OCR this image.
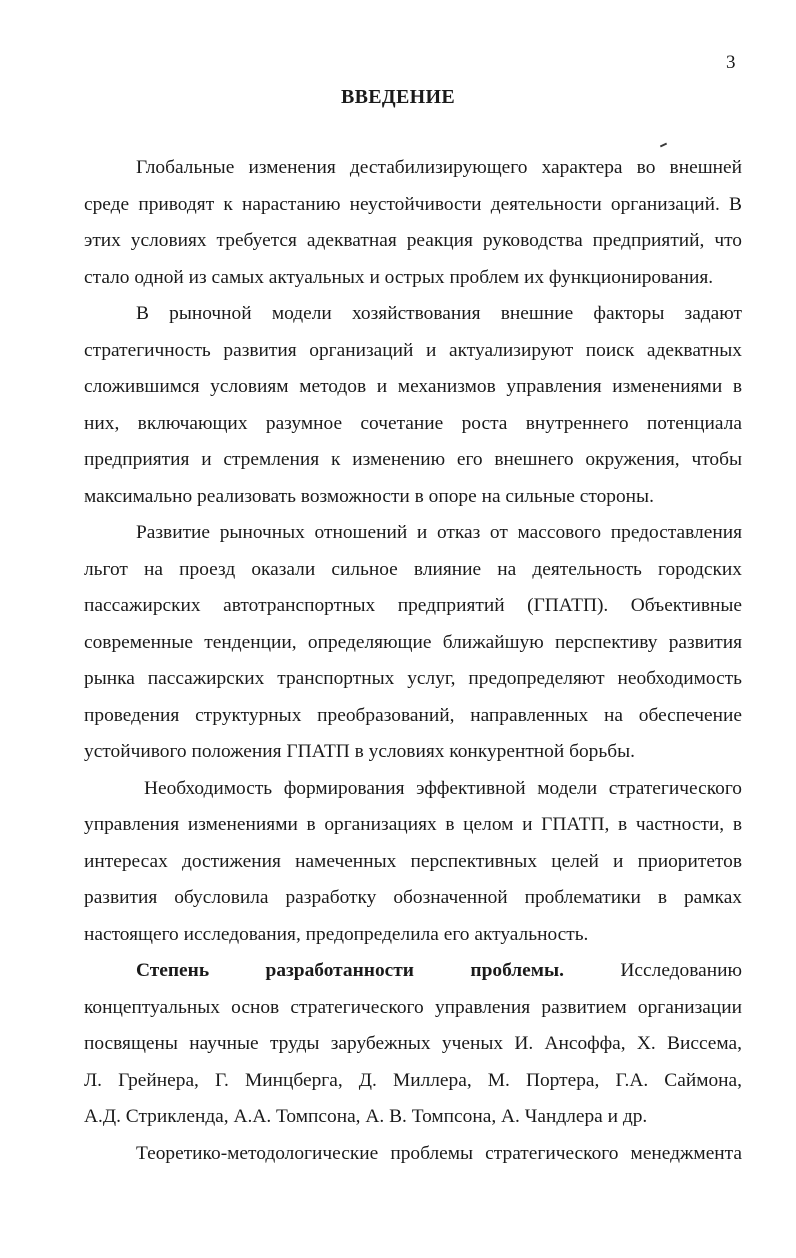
3
ВВЕДЕНИЕ
Глобальные изменения дестабилизирующего характера во внешней
среде приводят к нарастанию неустойчивости деятельности организаций. В
этих условиях требуется адекватная реакция руководства предприятий, что
стало одной из самых актуальных и острых проблем их функционирования.
В рыночной модели хозяйствования внешние факторы задают
стратегичность развития организаций и актуализируют поиск адекватных
сложившимся условиям методов и механизмов управления изменениями в
них, включающих разумное сочетание роста внутреннего потенциала
предприятия и стремления к изменению его внешнего окружения, чтобы
максимально реализовать возможности в опоре на сильные стороны.
Развитие рыночных отношений и отказ от массового предоставления
льгот на проезд оказали сильное влияние на деятельность городских
пассажирских автотранспортных предприятий (ГПАТП). Объективные
современные тенденции, определяющие ближайшую перспективу развития
рынка пассажирских транспортных услуг, предопределяют необходимость
проведения структурных преобразований, направленных на обеспечение
устойчивого положения ГПАТП в условиях конкурентной борьбы.
Необходимость формирования эффективной модели стратегического
управления изменениями в организациях в целом и ГПАТП, в частности, в
интересах достижения намеченных перспективных целей и приоритетов
развития обусловила разработку обозначенной проблематики в рамках
настоящего исследования, предопределила его актуальность.
Степень разработанности проблемы.	Исследованию
концептуальных основ стратегического управления развитием организации
посвящены научные труды зарубежных ученых И. Ансоффа, Х. Виссема,
Л. Грейнера, Г. Минцберга, Д. Миллера, М. Портера, Г.А. Саймона,
А.Д. Стрикленда, А.А. Томпсона, А. В. Томпсона, А. Чандлера и др.
Теоретико-методологические проблемы стратегического менеджмента
